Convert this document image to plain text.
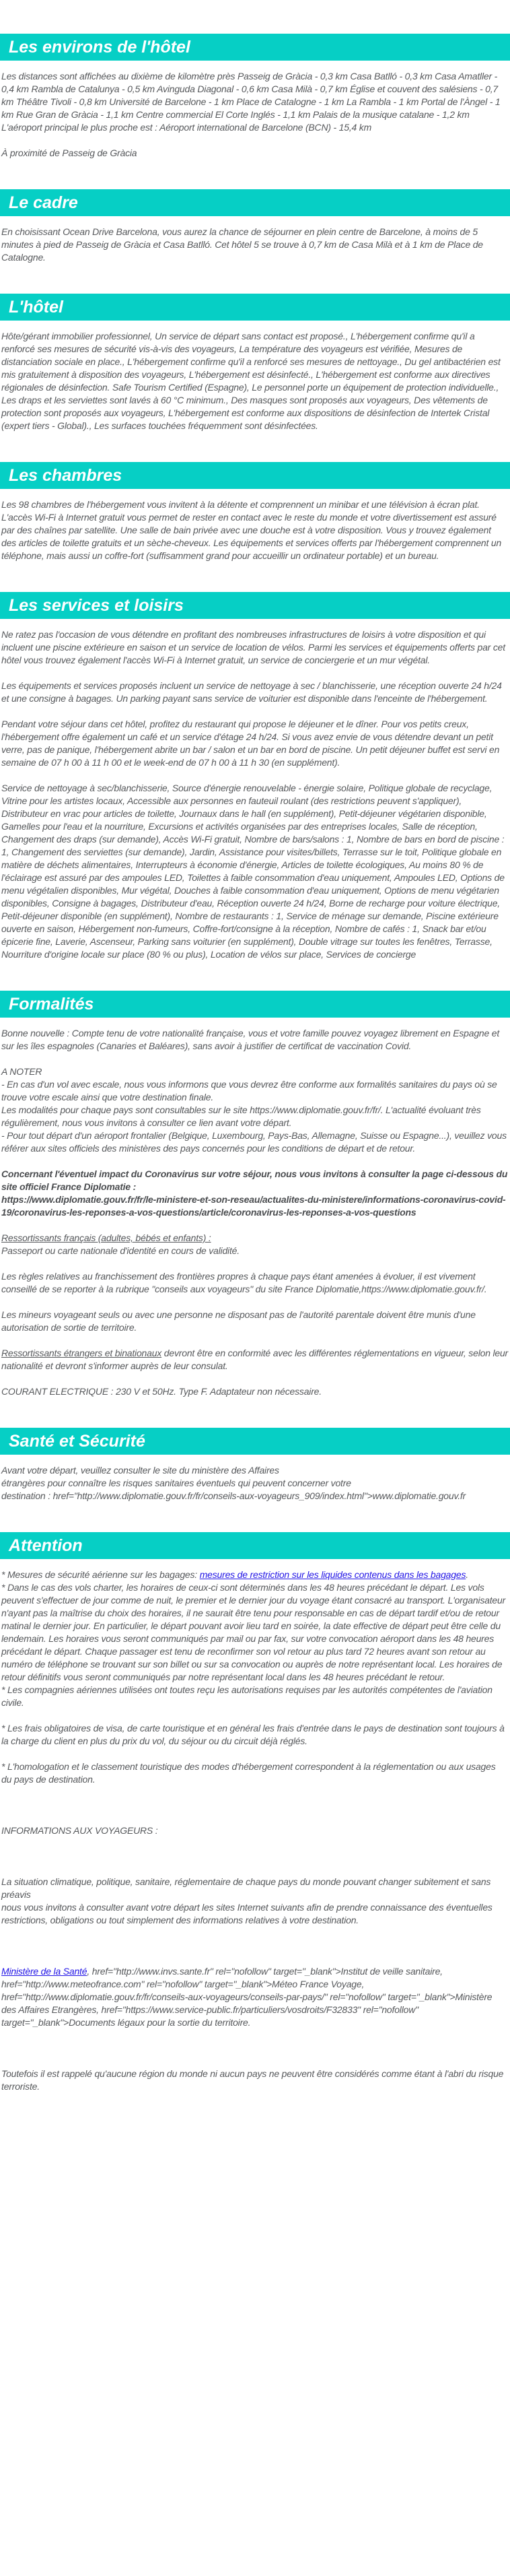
Les environs de l'hôtel

Les distances sont affichées au dixième de kilomètre près Passeig de Gràcia - 0,3 km Casa Batlló - 0,3 km Casa Amatller - 0,4 km Rambla de Catalunya - 0,5 km Avinguda Diagonal - 0,6 km Casa Milà - 0,7 km Église et couvent des salésiens - 0,7 km Théâtre Tivoli - 0,8 km Université de Barcelone - 1 km Place de Catalogne - 1 km La Rambla - 1 km Portal de l'Àngel - 1 km Rue Gran de Gràcia - 1,1 km Centre commercial El Corte Inglés - 1,1 km Palais de la musique catalane - 1,2 km L'aéroport principal le plus proche est : Aéroport international de Barcelone (BCN) - 15,4 km

À proximité de Passeig de Gràcia

Le cadre

En choisissant Ocean Drive Barcelona, vous aurez la chance de séjourner en plein centre de Barcelone, à moins de 5 minutes à pied de Passeig de Gràcia et Casa Batlló. Cet hôtel 5 se trouve à 0,7 km de Casa Milà et à 1 km de Place de Catalogne.

L'hôtel

Hôte/gérant immobilier professionnel, Un service de départ sans contact est proposé., L'hébergement confirme qu'il a renforcé ses mesures de sécurité vis-à-vis des voyageurs, La température des voyageurs est vérifiée, Mesures de distanciation sociale en place., L'hébergement confirme qu'il a renforcé ses mesures de nettoyage., Du gel antibactérien est mis gratuitement à disposition des voyageurs, L'hébergement est désinfecté., L'hébergement est conforme aux directives régionales de désinfection. Safe Tourism Certified (Espagne), Le personnel porte un équipement de protection individuelle., Les draps et les serviettes sont lavés à 60 °C minimum., Des masques sont proposés aux voyageurs, Des vêtements de protection sont proposés aux voyageurs, L'hébergement est conforme aux dispositions de désinfection de Intertek Cristal (expert tiers - Global)., Les surfaces touchées fréquemment sont désinfectées.

Les chambres

Les 98 chambres de l'hébergement vous invitent à la détente et comprennent un minibar et une télévision à écran plat. L'accès Wi-Fi à Internet gratuit vous permet de rester en contact avec le reste du monde et votre divertissement est assuré par des chaînes par satellite. Une salle de bain privée avec une douche est à votre disposition. Vous y trouvez également des articles de toilette gratuits et un sèche-cheveux. Les équipements et services offerts par l'hébergement comprennent un téléphone, mais aussi un coffre-fort (suffisamment grand pour accueillir un ordinateur portable) et un bureau.

Les services et loisirs

Ne ratez pas l'occasion de vous détendre en profitant des nombreuses infrastructures de loisirs à votre disposition et qui incluent une piscine extérieure en saison et un service de location de vélos. Parmi les services et équipements offerts par cet hôtel vous trouvez également l'accès Wi-Fi à Internet gratuit, un service de conciergerie et un mur végétal.

Les équipements et services proposés incluent un service de nettoyage à sec / blanchisserie, une réception ouverte 24 h/24 et une consigne à bagages. Un parking payant sans service de voiturier est disponible dans l'enceinte de l'hébergement.

Pendant votre séjour dans cet hôtel, profitez du restaurant qui propose le déjeuner et le dîner. Pour vos petits creux, l'hébergement offre également un café et un service d'étage 24 h/24. Si vous avez envie de vous détendre devant un petit verre, pas de panique, l'hébergement abrite un bar / salon et un bar en bord de piscine. Un petit déjeuner buffet est servi en semaine de 07 h 00 à 11 h 00 et le week-end de 07 h 00 à 11 h 30 (en supplément).

Service de nettoyage à sec/blanchisserie, Source d'énergie renouvelable - énergie solaire, Politique globale de recyclage, Vitrine pour les artistes locaux, Accessible aux personnes en fauteuil roulant (des restrictions peuvent s'appliquer), Distributeur en vrac pour articles de toilette, Journaux dans le hall (en supplément), Petit-déjeuner végétarien disponible, Gamelles pour l'eau et la nourriture, Excursions et activités organisées par des entreprises locales, Salle de réception, Changement des draps (sur demande), Accès Wi-Fi gratuit, Nombre de bars/salons : 1, Nombre de bars en bord de piscine : 1, Changement des serviettes (sur demande), Jardin, Assistance pour visites/billets, Terrasse sur le toit, Politique globale en matière de déchets alimentaires, Interrupteurs à économie d'énergie, Articles de toilette écologiques, Au moins 80 % de l'éclairage est assuré par des ampoules LED, Toilettes à faible consommation d'eau uniquement, Ampoules LED, Options de menu végétalien disponibles, Mur végétal, Douches à faible consommation d'eau uniquement, Options de menu végétarien disponibles, Consigne à bagages, Distributeur d'eau, Réception ouverte 24 h/24, Borne de recharge pour voiture électrique, Petit-déjeuner disponible (en supplément), Nombre de restaurants : 1, Service de ménage sur demande, Piscine extérieure ouverte en saison, Hébergement non-fumeurs, Coffre-fort/consigne à la réception, Nombre de cafés : 1, Snack bar et/ou épicerie fine, Laverie, Ascenseur, Parking sans voiturier (en supplément), Double vitrage sur toutes les fenêtres, Terrasse, Nourriture d'origine locale sur place (80 % ou plus), Location de vélos sur place, Services de concierge

Formalités

Bonne nouvelle : Compte tenu de votre nationalité française, vous et votre famille pouvez voyagez librement en Espagne et sur les îles espagnoles (Canaries et Baléares), sans avoir à justifier de certificat de vaccination Covid.

A NOTER
- En cas d'un vol avec escale, nous vous informons que vous devrez être conforme aux formalités sanitaires du pays où se trouve votre escale ainsi que votre destination finale.
Les modalités pour chaque pays sont consultables sur le site https://www.diplomatie.gouv.fr/fr/. L'actualité évoluant très régulièrement, nous vous invitons à consulter ce lien avant votre départ.
- Pour tout départ d'un aéroport frontalier (Belgique, Luxembourg, Pays-Bas, Allemagne, Suisse ou Espagne...), veuillez vous référer aux sites officiels des ministères des pays concernés pour les conditions de départ et de retour.

Concernant l'éventuel impact du Coronavirus sur votre séjour, nous vous invitons à consulter la page ci-dessous du site officiel France Diplomatie :
https://www.diplomatie.gouv.fr/fr/le-ministere-et-son-reseau/actualites-du-ministere/informations-coronavirus-covid-19/coronavirus-les-reponses-a-vos-questions/article/coronavirus-les-reponses-a-vos-questions

Ressortissants français (adultes, bébés et enfants) :
Passeport ou carte nationale d'identité en cours de validité.

Les règles relatives au franchissement des frontières propres à chaque pays étant amenées à évoluer, il est vivement conseillé de se reporter à la rubrique "conseils aux voyageurs" du site France Diplomatie,https://www.diplomatie.gouv.fr/.

Les mineurs voyageant seuls ou avec une personne ne disposant pas de l'autorité parentale doivent être munis d'une autorisation de sortie de territoire.

Ressortissants étrangers et binationaux devront être en conformité avec les différentes réglementations en vigueur, selon leur nationalité et devront s'informer auprès de leur consulat.

COURANT ELECTRIQUE : 230 V et 50Hz. Type F. Adaptateur non nécessaire.

Santé et Sécurité

Avant votre départ, veuillez consulter le site du ministère des Affaires
étrangères pour connaître les risques sanitaires éventuels qui peuvent concerner votre
destination : href="http://www.diplomatie.gouv.fr/fr/conseils-aux-voyageurs_909/index.html">www.diplomatie.gouv.fr

Attention

* Mesures de sécurité aérienne sur les bagages: mesures de restriction sur les liquides contenus dans les bagages.

* Dans le cas des vols charter, les horaires de ceux-ci sont déterminés dans les 48 heures précédant le départ. Les vols peuvent s'effectuer de jour comme de nuit, le premier et le dernier jour du voyage étant consacré au transport. L'organisateur n'ayant pas la maîtrise du choix des horaires, il ne saurait être tenu pour responsable en cas de départ tardif et/ou de retour matinal le dernier jour. En particulier, le départ pouvant avoir lieu tard en soirée, la date effective de départ peut être celle du lendemain. Les horaires vous seront communiqués par mail ou par fax, sur votre convocation aéroport dans les 48 heures précédant le départ. Chaque passager est tenu de reconfirmer son vol retour au plus tard 72 heures avant son retour au numéro de téléphone se trouvant sur son billet ou sur sa convocation ou auprès de notre représentant local. Les horaires de retour définitifs vous seront communiqués par notre représentant local dans les 48 heures précédant le retour.
* Les compagnies aériennes utilisées ont toutes reçu les autorisations requises par les autorités compétentes de l'aviation civile.

* Les frais obligatoires de visa, de carte touristique et en général les frais d'entrée dans le pays de destination sont toujours à la charge du client en plus du prix du vol, du séjour ou du circuit déjà réglés.

* L'homologation et le classement touristique des modes d'hébergement correspondent à la réglementation ou aux usages du pays de destination.

INFORMATIONS AUX VOYAGEURS :

La situation climatique, politique, sanitaire, réglementaire de chaque pays du monde pouvant changer subitement et sans préavis
nous vous invitons à consulter avant votre départ les sites Internet suivants afin de prendre connaissance des éventuelles restrictions, obligations ou tout simplement des informations relatives à votre destination.

Ministère de la Santé, href="http://www.invs.sante.fr" rel="nofollow" target="_blank">Institut de veille sanitaire, href="http://www.meteofrance.com" rel="nofollow" target="_blank">Méteo France Voyage, href="http://www.diplomatie.gouv.fr/fr/conseils-aux-voyageurs/conseils-par-pays/" rel="nofollow" target="_blank">Ministère des Affaires Etrangères, href="https://www.service-public.fr/particuliers/vosdroits/F32833" rel="nofollow" target="_blank">Documents légaux pour la sortie du territoire.

Toutefois il est rappelé qu'aucune région du monde ni aucun pays ne peuvent être considérés comme étant à l'abri du risque terroriste.
